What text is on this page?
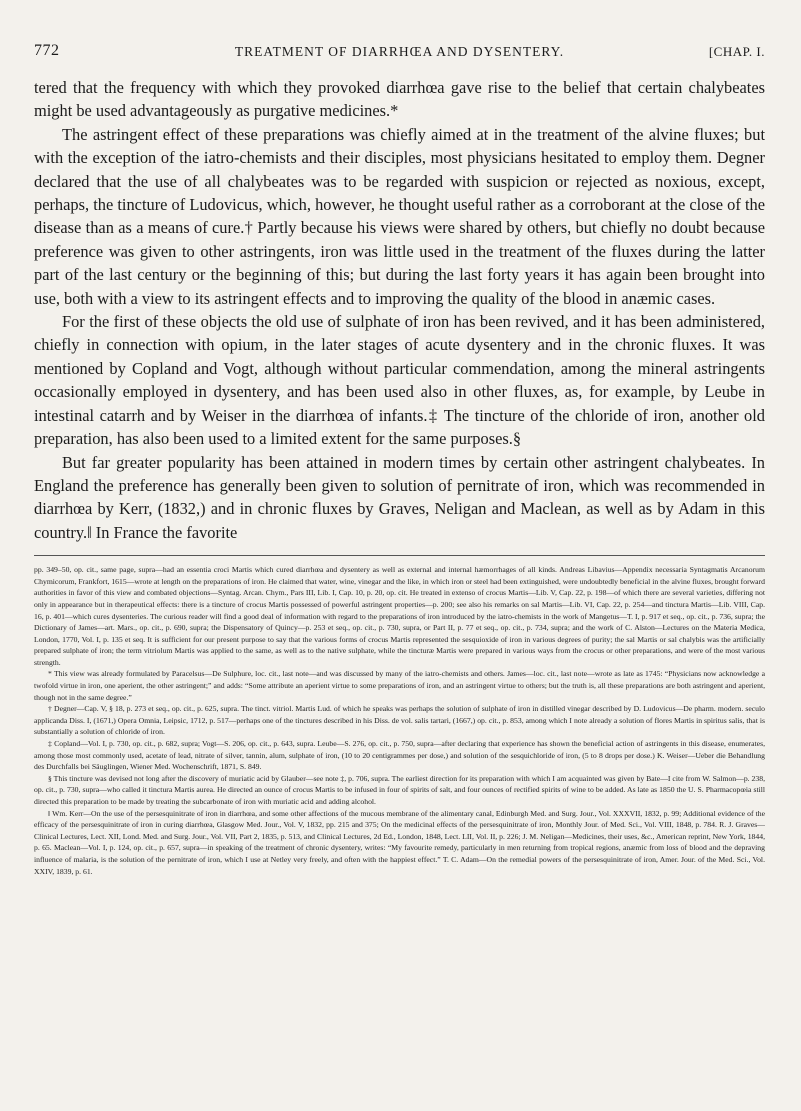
772	TREATMENT OF DIARRHŒA AND DYSENTERY.	[CHAP. I.

tered that the frequency with which they provoked diarrhœa gave rise to the belief that certain chalybeates might be used advantageously as purgative medicines.*

The astringent effect of these preparations was chiefly aimed at in the treatment of the alvine fluxes; but with the exception of the iatro-chemists and their disciples, most physicians hesitated to employ them. Degner declared that the use of all chalybeates was to be regarded with suspicion or rejected as noxious, except, perhaps, the tincture of Ludovicus, which, however, he thought useful rather as a corroborant at the close of the disease than as a means of cure.† Partly because his views were shared by others, but chiefly no doubt because preference was given to other astringents, iron was little used in the treatment of the fluxes during the latter part of the last century or the beginning of this; but during the last forty years it has again been brought into use, both with a view to its astringent effects and to improving the quality of the blood in anæmic cases.

For the first of these objects the old use of sulphate of iron has been revived, and it has been administered, chiefly in connection with opium, in the later stages of acute dysentery and in the chronic fluxes. It was mentioned by Copland and Vogt, although without particular commendation, among the mineral astringents occasionally employed in dysentery, and has been used also in other fluxes, as, for example, by Leube in intestinal catarrh and by Weiser in the diarrhœa of infants.‡ The tincture of the chloride of iron, another old preparation, has also been used to a limited extent for the same purposes.§

But far greater popularity has been attained in modern times by certain other astringent chalybeates. In England the preference has generally been given to solution of pernitrate of iron, which was recommended in diarrhœa by Kerr, (1832,) and in chronic fluxes by Graves, Neligan and Maclean, as well as by Adam in this country.‖ In France the favorite

pp. 349–50, op. cit., same page, supra—had an essentia croci Martis which cured diarrhœa and dysentery as well as external and internal hæmorrhages of all kinds. Andreas Libavius—Appendix necessaria Syntagmatis Arcanorum Chymicorum, Frankfort, 1615—wrote at length on the preparations of iron. He claimed that water, wine, vinegar and the like, in which iron or steel had been extinguished, were undoubtedly beneficial in the alvine fluxes, brought forward authorities in favor of this view and combated objections—Syntag. Arcan. Chym., Pars III, Lib. I, Cap. 10, p. 20, op. cit. He treated in extenso of crocus Martis—Lib. V, Cap. 22, p. 198—of which there are several varieties, differing not only in appearance but in therapeutical effects: there is a tincture of crocus Martis possessed of powerful astringent properties—p. 200; see also his remarks on sal Martis—Lib. VI, Cap. 22, p. 254—and tinctura Martis—Lib. VIII, Cap. 16, p. 401—which cures dysenteries. The curious reader will find a good deal of information with regard to the preparations of iron introduced by the iatro-chemists in the work of Mangetus—T. I, p. 917 et seq., op. cit., p. 736, supra; the Dictionary of James—art. Mars., op. cit., p. 690, supra; the Dispensatory of Quincy—p. 253 et seq., op. cit., p. 730, supra, or Part II, p. 77 et seq., op. cit., p. 734, supra; and the work of C. Alston—Lectures on the Materia Medica, London, 1770, Vol. I, p. 135 et seq. It is sufficient for our present purpose to say that the various forms of crocus Martis represented the sesquioxide of iron in various degrees of purity; the sal Martis or sal chalybis was the artificially prepared sulphate of iron; the term vitriolum Martis was applied to the same, as well as to the native sulphate, while the tincturæ Martis were prepared in various ways from the crocus or other preparations, and were of the most various strength.

* This view was already formulated by Paracelsus—De Sulphure, loc. cit., last note—and was discussed by many of the iatro-chemists and others. James—loc. cit., last note—wrote as late as 1745: “Physicians now acknowledge a twofold virtue in iron, one aperient, the other astringent;” and adds: “Some attribute an aperient virtue to some preparations of iron, and an astringent virtue to others; but the truth is, all these preparations are both astringent and aperient, though not in the same degree.”

† Degner—Cap. V, § 18, p. 273 et seq., op. cit., p. 625, supra. The tinct. vitriol. Martis Lud. of which he speaks was perhaps the solution of sulphate of iron in distilled vinegar described by D. Ludovicus—De pharm. modern. seculo applicanda Diss. I, (1671,) Opera Omnia, Leipsic, 1712, p. 517—perhaps one of the tinctures described in his Diss. de vol. salis tartari, (1667,) op. cit., p. 853, among which I note already a solution of flores Martis in spiritus salis, that is substantially a solution of chloride of iron.

‡ Copland—Vol. I, p. 730, op. cit., p. 682, supra; Vogt—S. 206, op. cit., p. 643, supra. Leube—S. 276, op. cit., p. 750, supra—after declaring that experience has shown the beneficial action of astringents in this disease, enumerates, among those most commonly used, acetate of lead, nitrate of silver, tannin, alum, sulphate of iron, (10 to 20 centigrammes per dose,) and solution of the sesquichloride of iron, (5 to 8 drops per dose.) K. Weiser—Ueber die Behandlung des Durchfalls bei Säuglingen, Wiener Med. Wochenschrift, 1871, S. 849.

§ This tincture was devised not long after the discovery of muriatic acid by Glauber—see note ‡, p. 706, supra. The earliest direction for its preparation with which I am acquainted was given by Bate—I cite from W. Salmon—p. 238, op. cit., p. 730, supra—who called it tinctura Martis aurea. He directed an ounce of crocus Martis to be infused in four of spirits of salt, and four ounces of rectified spirits of wine to be added. As late as 1850 the U. S. Pharmacopœia still directed this preparation to be made by treating the subcarbonate of iron with muriatic acid and adding alcohol.

‖ Wm. Kerr—On the use of the persesquinitrate of iron in diarrhœa, and some other affections of the mucous membrane of the alimentary canal, Edinburgh Med. and Surg. Jour., Vol. XXXVII, 1832, p. 99; Additional evidence of the efficacy of the persesquinitrate of iron in curing diarrhœa, Glasgow Med. Jour., Vol. V, 1832, pp. 215 and 375; On the medicinal effects of the persesquinitrate of iron, Monthly Jour. of Med. Sci., Vol. VIII, 1848, p. 784. R. J. Graves—Clinical Lectures, Lect. XII, Lond. Med. and Surg. Jour., Vol. VII, Part 2, 1835, p. 513, and Clinical Lectures, 2d Ed., London, 1848, Lect. LII, Vol. II, p. 226; J. M. Neligan—Medicines, their uses, &c., American reprint, New York, 1844, p. 65. Maclean—Vol. I, p. 124, op. cit., p. 657, supra—in speaking of the treatment of chronic dysentery, writes: “My favourite remedy, particularly in men returning from tropical regions, anæmic from loss of blood and the depraving influence of malaria, is the solution of the pernitrate of iron, which I use at Netley very freely, and often with the happiest effect.” T. C. Adam—On the remedial powers of the persesquinitrate of iron, Amer. Jour. of the Med. Sci., Vol. XXIV, 1839, p. 61.
